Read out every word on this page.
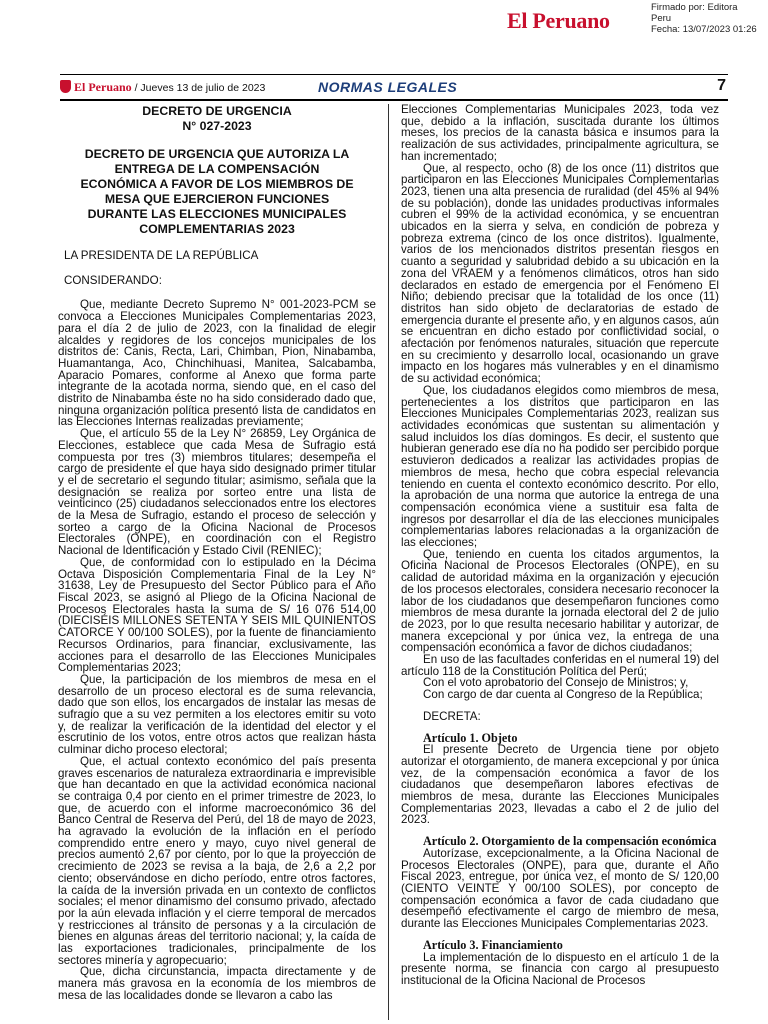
El Peruano
Firmado por: Editora
Peru
Fecha: 13/07/2023 01:26
El Peruano / Jueves 13 de julio de 2023	NORMAS LEGALES	7
DECRETO DE URGENCIA
N° 027-2023
DECRETO DE URGENCIA QUE AUTORIZA LA ENTREGA DE LA COMPENSACIÓN ECONÓMICA A FAVOR DE LOS MIEMBROS DE MESA QUE EJERCIERON FUNCIONES DURANTE LAS ELECCIONES MUNICIPALES COMPLEMENTARIAS 2023

LA PRESIDENTA DE LA REPÚBLICA

CONSIDERANDO:

Que, mediante Decreto Supremo N° 001-2023-PCM se convoca a Elecciones Municipales Complementarias 2023, para el día 2 de julio de 2023, con la finalidad de elegir alcaldes y regidores de los concejos municipales de los distritos de: Canis, Recta, Lari, Chimban, Pion, Ninabamba, Huamantanga, Aco, Chinchihuasi, Manitea, Salcabamba, Aparacio Pomares, conforme al Anexo que forma parte integrante de la acotada norma, siendo que, en el caso del distrito de Ninabamba éste no ha sido considerado dado que, ninguna organización política presentó lista de candidatos en las Elecciones Internas realizadas previamente;

Que, el artículo 55 de la Ley N° 26859, Ley Orgánica de Elecciones, establece que cada Mesa de Sufragio está compuesta por tres (3) miembros titulares; desempeña el cargo de presidente el que haya sido designado primer titular y el de secretario el segundo titular; asimismo, señala que la designación se realiza por sorteo entre una lista de veinticinco (25) ciudadanos seleccionados entre los electores de la Mesa de Sufragio, estando el proceso de selección y sorteo a cargo de la Oficina Nacional de Procesos Electorales (ONPE), en coordinación con el Registro Nacional de Identificación y Estado Civil (RENIEC);

Que, de conformidad con lo estipulado en la Décima Octava Disposición Complementaria Final de la Ley N° 31638, Ley de Presupuesto del Sector Público para el Año Fiscal 2023, se asignó al Pliego de la Oficina Nacional de Procesos Electorales hasta la suma de S/ 16 076 514,00 (DIECISÉIS MILLONES SETENTA Y SEIS MIL QUINIENTOS CATORCE Y 00/100 SOLES), por la fuente de financiamiento Recursos Ordinarios, para financiar, exclusivamente, las acciones para el desarrollo de las Elecciones Municipales Complementarias 2023;

Que, la participación de los miembros de mesa en el desarrollo de un proceso electoral es de suma relevancia, dado que son ellos, los encargados de instalar las mesas de sufragio que a su vez permiten a los electores emitir su voto y, de realizar la verificación de la identidad del elector y el escrutinio de los votos, entre otros actos que realizan hasta culminar dicho proceso electoral;

Que, el actual contexto económico del país presenta graves escenarios de naturaleza extraordinaria e imprevisible que han decantado en que la actividad económica nacional se contraiga 0,4 por ciento en el primer trimestre de 2023, lo que, de acuerdo con el informe macroeconómico 36 del Banco Central de Reserva del Perú, del 18 de mayo de 2023, ha agravado la evolución de la inflación en el período comprendido entre enero y mayo, cuyo nivel general de precios aumentó 2,67 por ciento, por lo que la proyección de crecimiento de 2023 se revisa a la baja, de 2,6 a 2,2 por ciento; observándose en dicho período, entre otros factores, la caída de la inversión privada en un contexto de conflictos sociales; el menor dinamismo del consumo privado, afectado por la aún elevada inflación y el cierre temporal de mercados y restricciones al tránsito de personas y a la circulación de bienes en algunas áreas del territorio nacional; y, la caída de las exportaciones tradicionales, principalmente de los sectores minería y agropecuario;

Que, dicha circunstancia, impacta directamente y de manera más gravosa en la economía de los miembros de mesa de las localidades donde se llevaron a cabo las

Elecciones Complementarias Municipales 2023, toda vez que, debido a la inflación, suscitada durante los últimos meses, los precios de la canasta básica e insumos para la realización de sus actividades, principalmente agricultura, se han incrementado;

Que, al respecto, ocho (8) de los once (11) distritos que participaron en las Elecciones Municipales Complementarias 2023, tienen una alta presencia de ruralidad (del 45% al 94% de su población), donde las unidades productivas informales cubren el 99% de la actividad económica, y se encuentran ubicados en la sierra y selva, en condición de pobreza y pobreza extrema (cinco de los once distritos). Igualmente, varios de los mencionados distritos presentan riesgos en cuanto a seguridad y salubridad debido a su ubicación en la zona del VRAEM y a fenómenos climáticos, otros han sido declarados en estado de emergencia por el Fenómeno El Niño; debiendo precisar que la totalidad de los once (11) distritos han sido objeto de declaratorias de estado de emergencia durante el presente año, y en algunos casos, aún se encuentran en dicho estado por conflictividad social, o afectación por fenómenos naturales, situación que repercute en su crecimiento y desarrollo local, ocasionando un grave impacto en los hogares más vulnerables y en el dinamismo de su actividad económica;

Que, los ciudadanos elegidos como miembros de mesa, pertenecientes a los distritos que participaron en las Elecciones Municipales Complementarias 2023, realizan sus actividades económicas que sustentan su alimentación y salud incluidos los días domingos. Es decir, el sustento que hubieran generado ese día no ha podido ser percibido porque estuvieron dedicados a realizar las actividades propias de miembros de mesa, hecho que cobra especial relevancia teniendo en cuenta el contexto económico descrito. Por ello, la aprobación de una norma que autorice la entrega de una compensación económica viene a sustituir esa falta de ingresos por desarrollar el día de las elecciones municipales complementarias labores relacionadas a la organización de las elecciones;

Que, teniendo en cuenta los citados argumentos, la Oficina Nacional de Procesos Electorales (ONPE), en su calidad de autoridad máxima en la organización y ejecución de los procesos electorales, considera necesario reconocer la labor de los ciudadanos que desempeñaron funciones como miembros de mesa durante la jornada electoral del 2 de julio de 2023, por lo que resulta necesario habilitar y autorizar, de manera excepcional y por única vez, la entrega de una compensación económica a favor de dichos ciudadanos;

En uso de las facultades conferidas en el numeral 19) del artículo 118 de la Constitución Política del Perú;

Con el voto aprobatorio del Consejo de Ministros; y,

Con cargo de dar cuenta al Congreso de la República;

DECRETA:

Artículo 1. Objeto

El presente Decreto de Urgencia tiene por objeto autorizar el otorgamiento, de manera excepcional y por única vez, de la compensación económica a favor de los ciudadanos que desempeñaron labores efectivas de miembros de mesa, durante las Elecciones Municipales Complementarias 2023, llevadas a cabo el 2 de julio del 2023.

Artículo 2. Otorgamiento de la compensación económica

Autorízase, excepcionalmente, a la Oficina Nacional de Procesos Electorales (ONPE), para que, durante el Año Fiscal 2023, entregue, por única vez, el monto de S/ 120,00 (CIENTO VEINTE Y 00/100 SOLES), por concepto de compensación económica a favor de cada ciudadano que desempeñó efectivamente el cargo de miembro de mesa, durante las Elecciones Municipales Complementarias 2023.

Artículo 3. Financiamiento

La implementación de lo dispuesto en el artículo 1 de la presente norma, se financia con cargo al presupuesto institucional de la Oficina Nacional de Procesos
